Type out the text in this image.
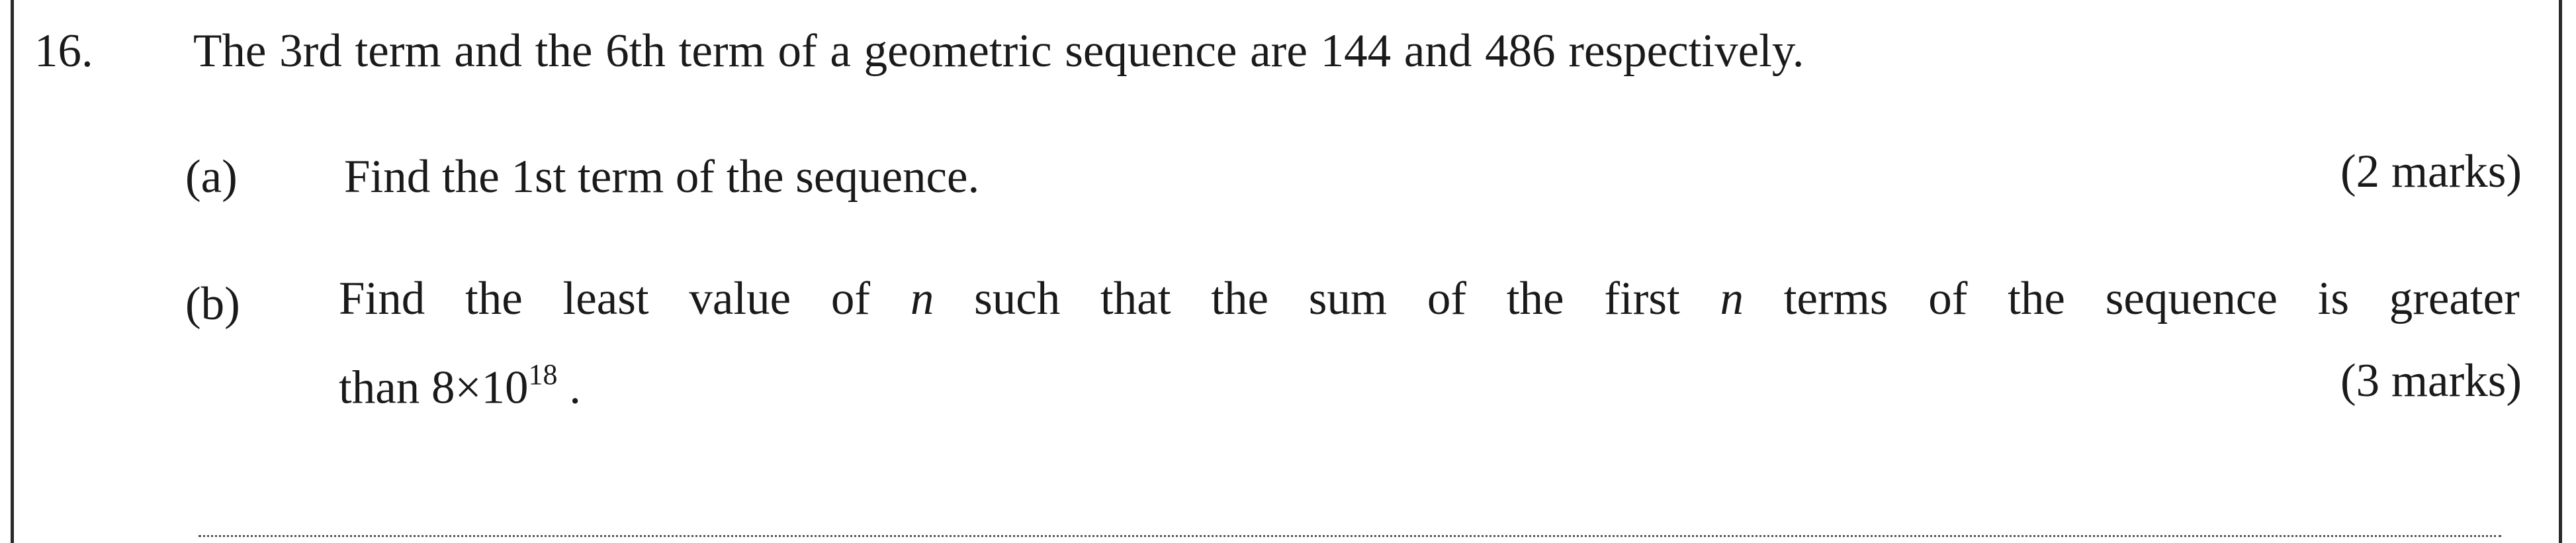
16. The 3rd term and the 6th term of a geometric sequence are 144 and 486 respectively.
(a) Find the 1st term of the sequence.	(2 marks)
(b) Find the least value of n such that the sum of the first n terms of the sequence is greater
than $8\times 10^{18}$ .	(3 marks)
